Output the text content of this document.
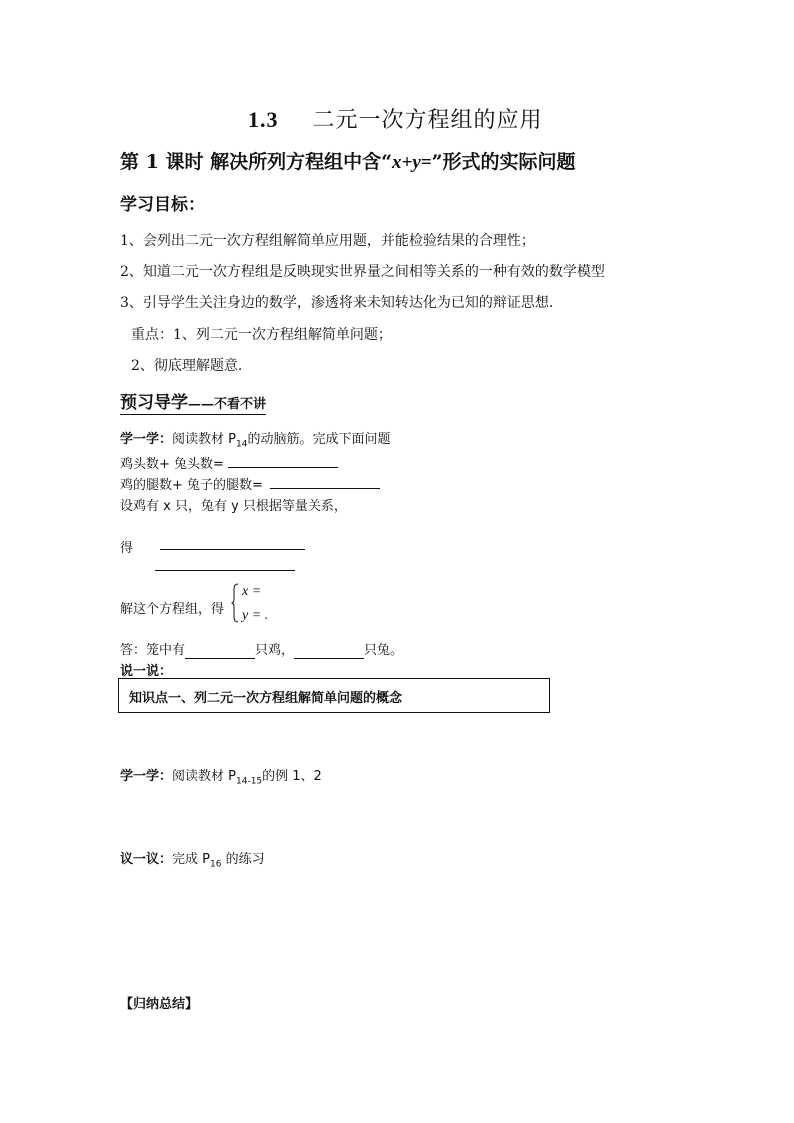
1.3 二元一次方程组的应用
第 1 课时 解决所列方程组中含“x+y=”形式的实际问题
学习目标：
1、会列出二元一次方程组解简单应用题，并能检验结果的合理性；
2、知道二元一次方程组是反映现实世界量之间相等关系的一种有效的数学模型
3、引导学生关注身边的数学，渗透将来未知转达化为已知的辩证思想.
重点：1、列二元一次方程组解简单问题；
2、彻底理解题意.
预习导学——不看不讲
学一学：阅读教材 $P_{14}$的动脑筋。完成下面问题
鸡头数+ 兔头数=
鸡的腿数+ 兔子的腿数=
设鸡有 x 只，兔有 y 只根据等量关系，
得
解这个方程组，得
x =
y = .
答：笼中有	只鸡，	只兔。
说一说：
知识点一、列二元一次方程组解简单问题的概念
学一学：阅读教材 $P_{14-15}$的例 1、2
议一议：完成 $P_{16}$ 的练习
【归纳总结】
